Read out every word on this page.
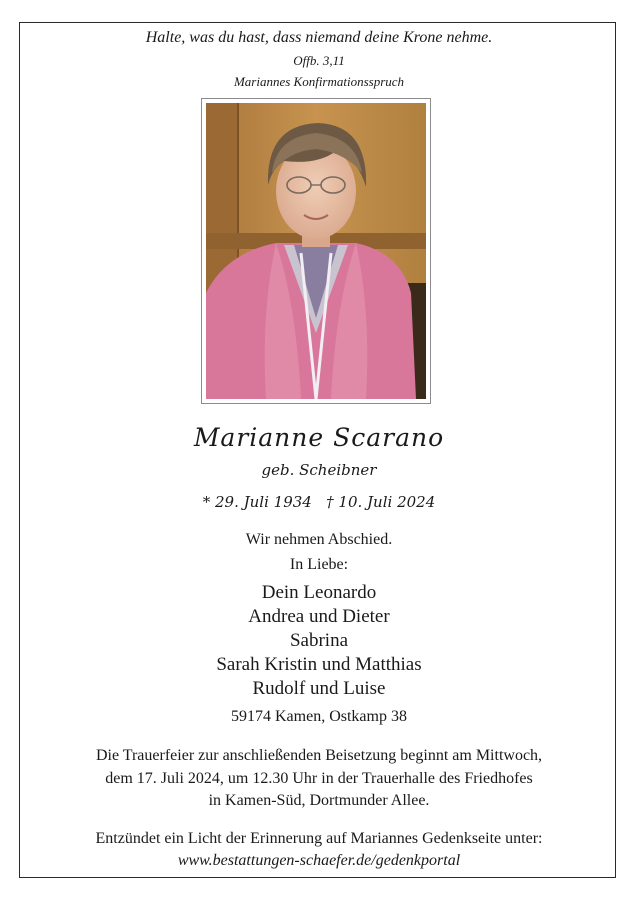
Halte, was du hast, dass niemand deine Krone nehme.
Offb. 3,11
Mariannes Konfirmationsspruch
Marianne Scarano
geb. Scheibner
* 29. Juli 1934 † 10. Juli 2024
Wir nehmen Abschied.
In Liebe:
Dein Leonardo
Andrea und Dieter
Sabrina
Sarah Kristin und Matthias
Rudolf und Luise
59174 Kamen, Ostkamp 38
Die Trauerfeier zur anschließenden Beisetzung beginnt am Mittwoch,
dem 17. Juli 2024, um 12.30 Uhr in der Trauerhalle des Friedhofes
in Kamen-Süd, Dortmunder Allee.
Entzündet ein Licht der Erinnerung auf Mariannes Gedenkseite unter:
www.bestattungen-schaefer.de/gedenkportal
